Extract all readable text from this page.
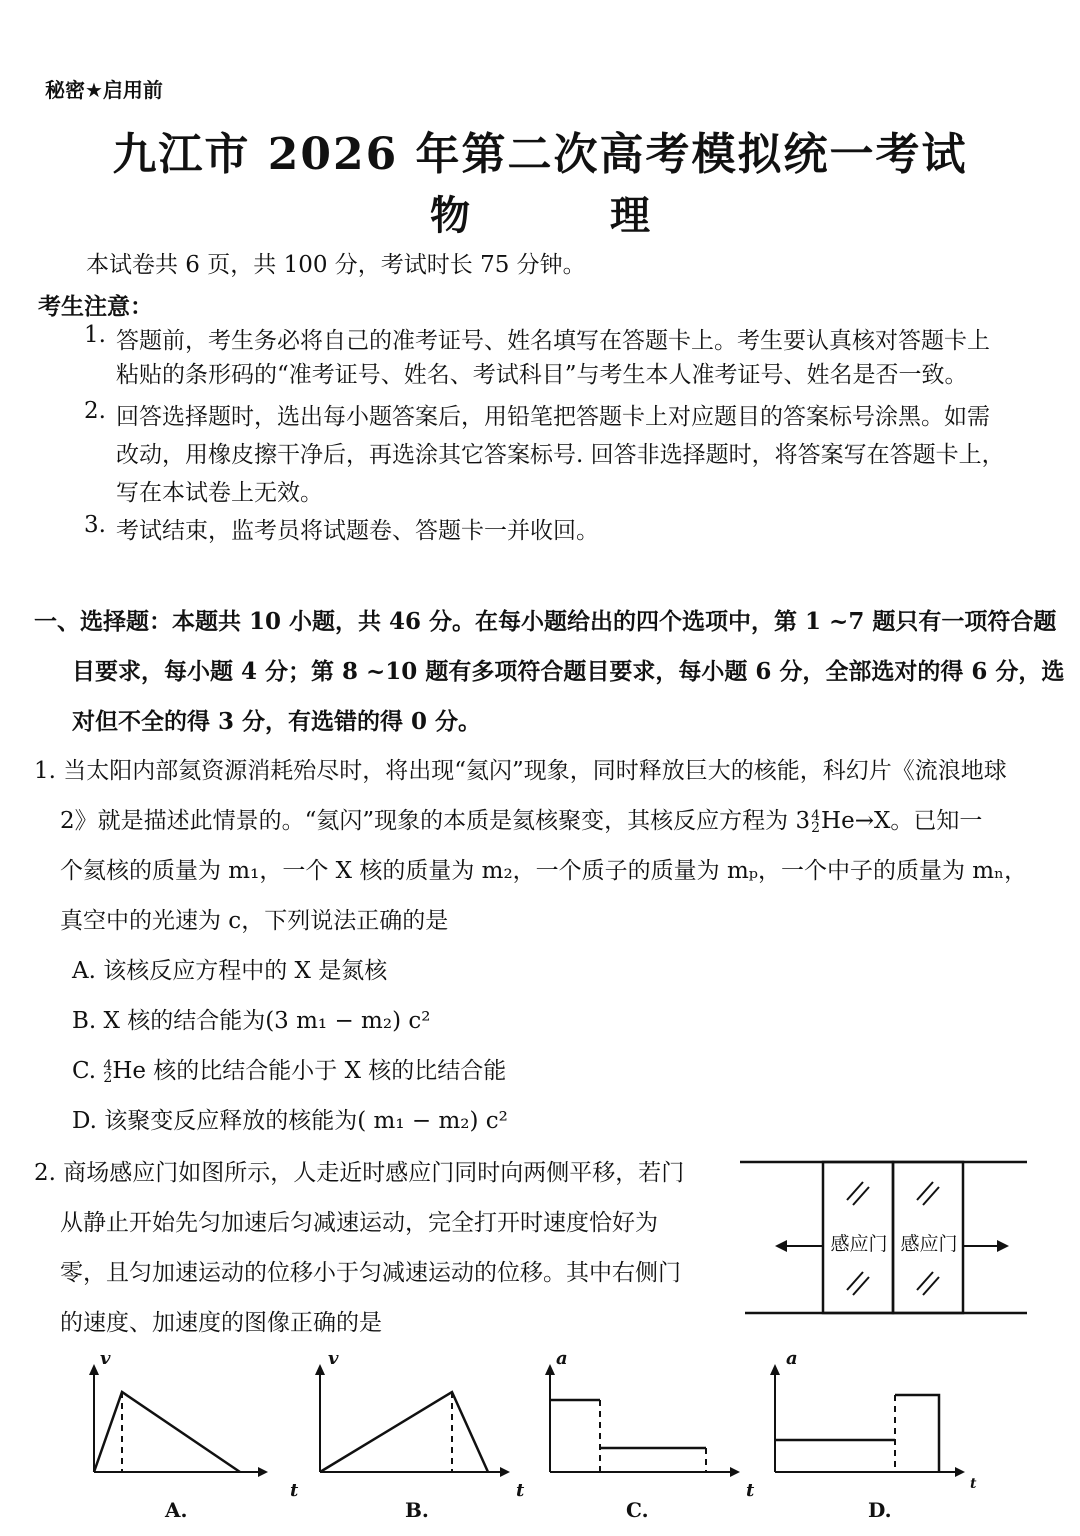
秘密★启用前
九江市 2026 年第二次高考模拟统一考试
物	理
本试卷共 6 页，共 100 分，考试时长 75 分钟。
考生注意：
1. 答题前，考生务必将自己的准考证号、姓名填写在答题卡上。考生要认真核对答题卡上
粘贴的条形码的“准考证号、姓名、考试科目”与考生本人准考证号、姓名是否一致。
2. 回答选择题时，选出每小题答案后，用铅笔把答题卡上对应题目的答案标号涂黑。如需
改动，用橡皮擦干净后，再选涂其它答案标号. 回答非选择题时，将答案写在答题卡上，
写在本试卷上无效。
3. 考试结束，监考员将试题卷、答题卡一并收回。
一、选择题：本题共 10 小题，共 46 分。在每小题给出的四个选项中，第 1 ~7 题只有一项符合题
目要求，每小题 4 分；第 8 ~10 题有多项符合题目要求，每小题 6 分，全部选对的得 6 分，选
对但不全的得 3 分，有选错的得 0 分。
1. 当太阳内部氦资源消耗殆尽时，将出现“氦闪”现象，同时释放巨大的核能，科幻片《流浪地球
2》就是描述此情景的。“氦闪”现象的本质是氦核聚变，其核反应方程为 3 4
2 He→X。已知一
个氦核的质量为 m₁，一个 X 核的质量为 m₂，一个质子的质量为 mₚ，一个中子的质量为 mₙ，
真空中的光速为 c，下列说法正确的是
A. 该核反应方程中的 X 是氮核
B. X 核的结合能为(3 m₁ − m₂) c²
C. 4
2 He 核的比结合能小于 X 核的比结合能
D. 该聚变反应释放的核能为( m₁ − m₂) c²
2. 商场感应门如图所示，人走近时感应门同时向两侧平移，若门
从静止开始先匀加速后匀减速运动，完全打开时速度恰好为
零，且匀加速运动的位移小于匀减速运动的位移。其中右侧门
的速度、加速度的图像正确的是
感应门 感应门
v
t
A.
v
t
B.
a
t
C.
a
t
D.
